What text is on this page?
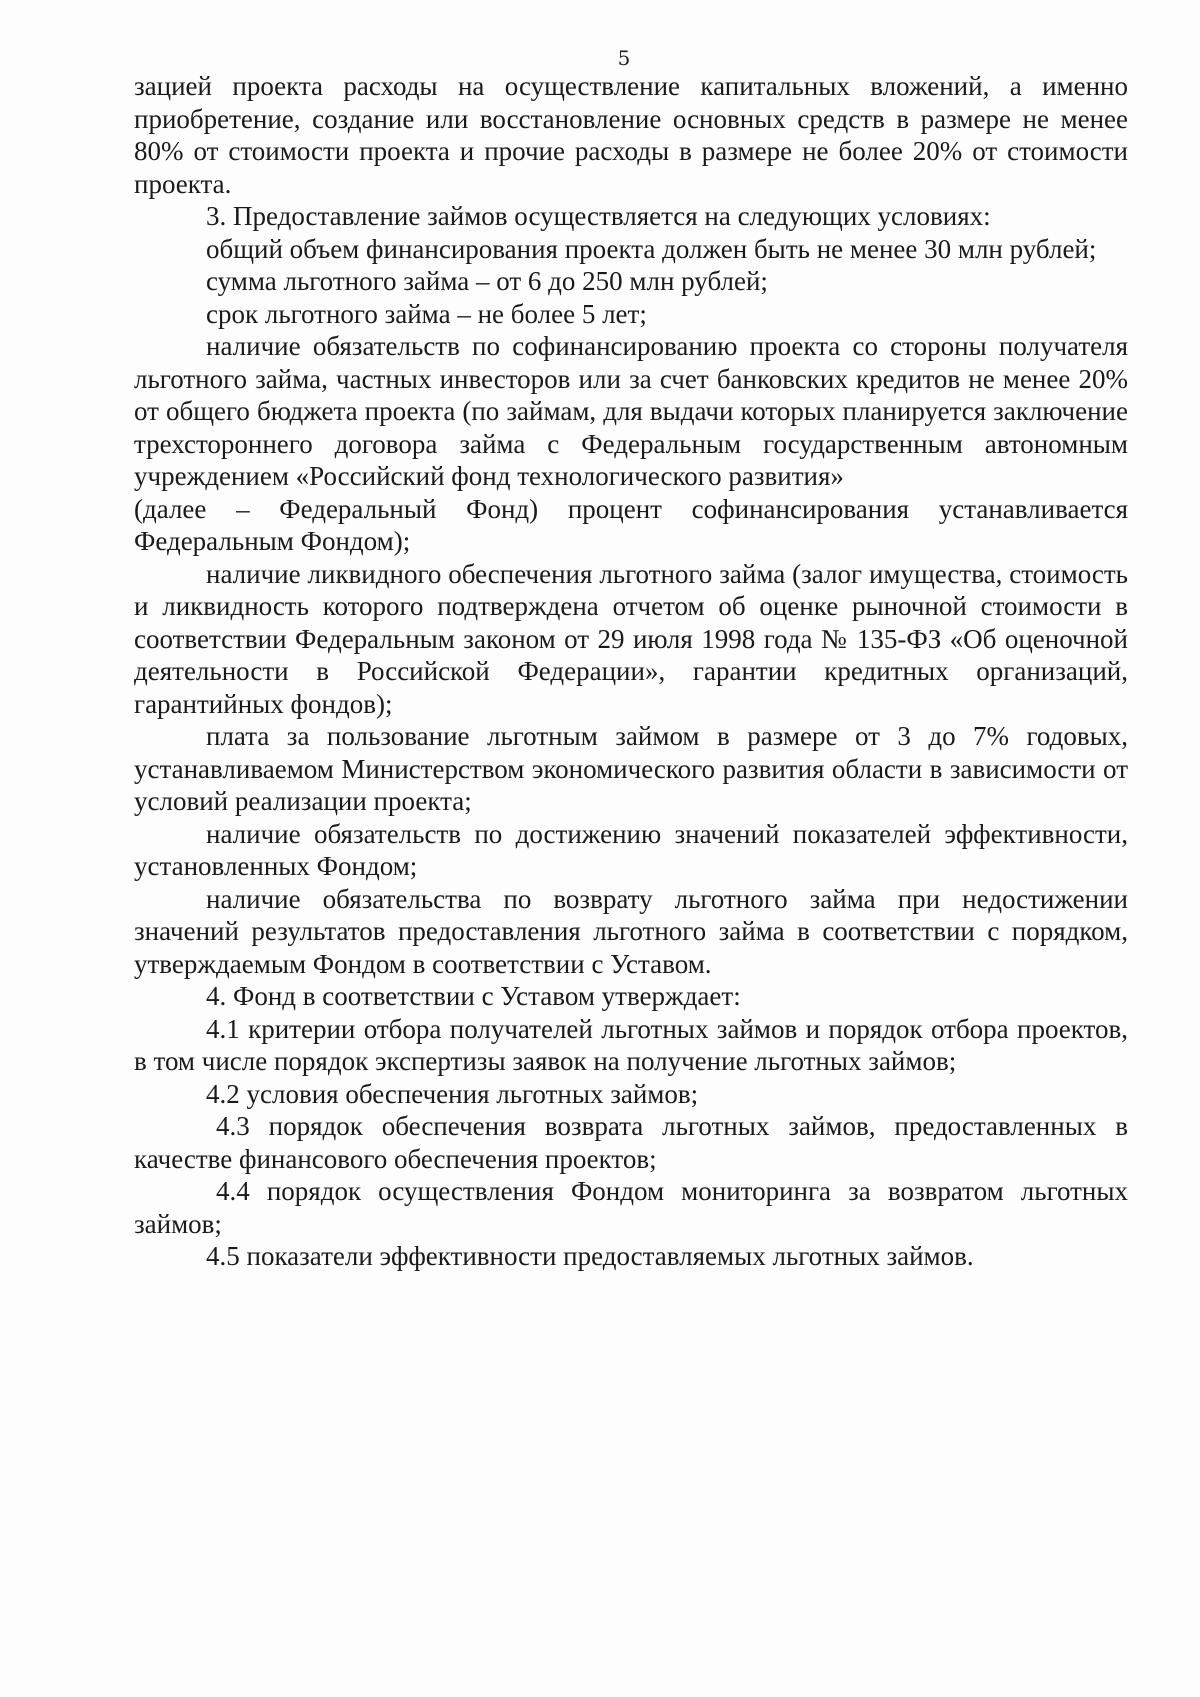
5

зацией проекта расходы на осуществление капитальных вложений, а именно приобретение, создание или восстановление основных средств в размере не менее 80% от стоимости проекта и прочие расходы в размере не более 20% от стоимости проекта.

3. Предоставление займов осуществляется на следующих условиях:

общий объем финансирования проекта должен быть не менее 30 млн рублей;

сумма льготного займа – от 6 до 250 млн рублей;

срок льготного займа – не более 5 лет;

наличие обязательств по софинансированию проекта со стороны получателя льготного займа, частных инвесторов или за счет банковских кредитов не менее 20% от общего бюджета проекта (по займам, для выдачи которых планируется заключение трехстороннего договора займа с Федеральным государственным автономным учреждением «Российский фонд технологического развития»

(далее – Федеральный Фонд) процент софинансирования устанавливается Федеральным Фондом);

наличие ликвидного обеспечения льготного займа (залог имущества, стоимость и ликвидность которого подтверждена отчетом об оценке рыночной стоимости в соответствии Федеральным законом от 29 июля 1998 года № 135-ФЗ «Об оценочной деятельности в Российской Федерации», гарантии кредитных организаций, гарантийных фондов);

плата за пользование льготным займом в размере от 3 до 7% годовых, устанавливаемом Министерством экономического развития области в зависимости от условий реализации проекта;

наличие обязательств по достижению значений показателей эффективности, установленных Фондом;

наличие обязательства по возврату льготного займа при недостижении значений результатов предоставления льготного займа в соответствии с порядком, утверждаемым Фондом в соответствии с Уставом.

4. Фонд в соответствии с Уставом утверждает:

4.1 критерии отбора получателей льготных займов и порядок отбора проектов, в том числе порядок экспертизы заявок на получение льготных займов;

4.2 условия обеспечения льготных займов;

4.3 порядок обеспечения возврата льготных займов, предоставленных в качестве финансового обеспечения проектов;

4.4 порядок осуществления Фондом мониторинга за возвратом льготных займов;

4.5 показатели эффективности предоставляемых льготных займов.
